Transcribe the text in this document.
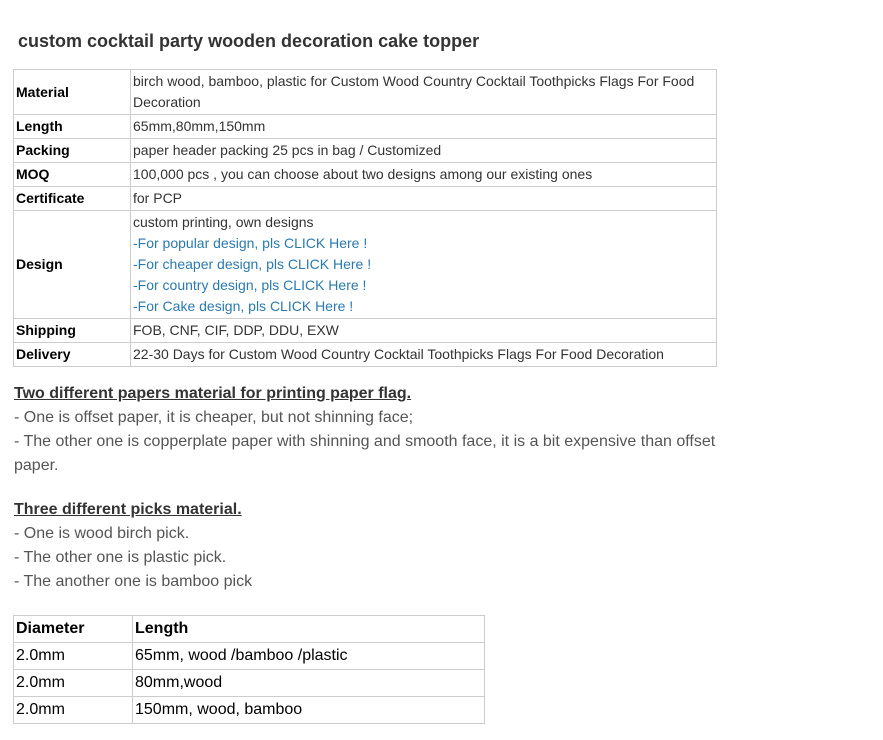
custom cocktail party wooden decoration cake topper
Material	birch wood, bamboo, plastic for Custom Wood Country Cocktail Toothpicks Flags For Food
Decoration

Length	65mm,80mm,150mm
Packing	paper header packing 25 pcs in bag / Customized
MOQ	100,000 pcs , you can choose about two designs among our existing ones
Certificate	for PCP
Design	custom printing, own designs
-For popular design, pls CLICK Here !
-For cheaper design, pls CLICK Here !
-For country design, pls CLICK Here !
-For Cake design, pls CLICK Here !

Shipping	FOB, CNF, CIF, DDP, DDU, EXW
Delivery	22-30 Days for Custom Wood Country Cocktail Toothpicks Flags For Food Decoration
Two different papers material for printing paper flag.
- One is offset paper, it is cheaper, but not shinning face;
- The other one is copperplate paper with shinning and smooth face, it is a bit expensive than offset paper.
Three different picks material.
- One is wood birch pick.
- The other one is plastic pick.
- The another one is bamboo pick
Diameter	Length
2.0mm	65mm, wood /bamboo /plastic
2.0mm	80mm,wood
2.0mm	150mm, wood, bamboo
